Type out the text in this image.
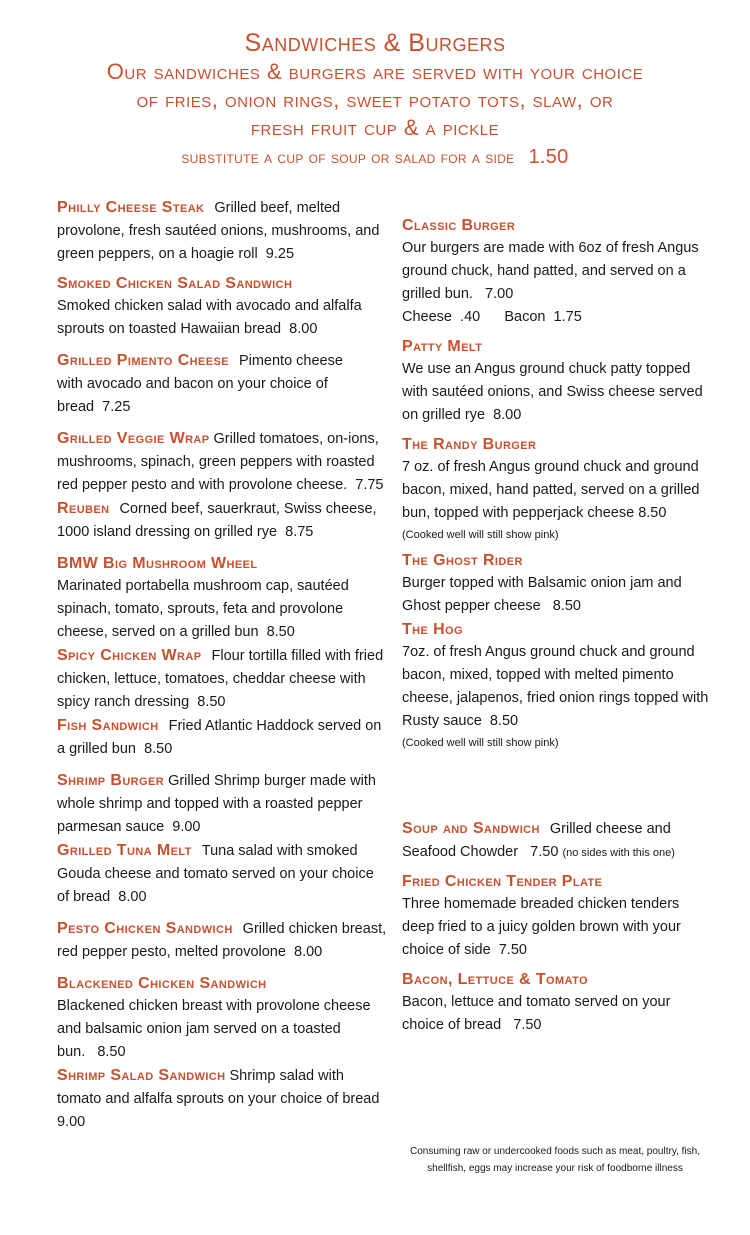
Sandwiches & Burgers
Our sandwiches & burgers are served with your choice
of fries, onion rings, sweet potato tots, slaw, or
fresh fruit cup & a pickle
substitute a cup of soup or salad for a side 1.50
Philly Cheese Steak Grilled beef, melted provolone, fresh sautéed onions, mushrooms, and green peppers, on a hoagie roll 9.25
Smoked Chicken Salad Sandwich
Smoked chicken salad with avocado and alfalfa sprouts on toasted Hawaiian bread 8.00
Grilled Pimento Cheese Pimento cheese with avocado and bacon on your choice of bread 7.25
Grilled Veggie Wrap Grilled tomatoes, on-ions, mushrooms, spinach, green peppers with roasted red pepper pesto and with provolone cheese. 7.75
Reuben Corned beef, sauerkraut, Swiss cheese, 1000 island dressing on grilled rye 8.75
BMW Big Mushroom Wheel
Marinated portabella mushroom cap, sautéed spinach, tomato, sprouts, feta and provolone cheese, served on a grilled bun 8.50
Spicy Chicken Wrap Flour tortilla filled with fried chicken, lettuce, tomatoes, cheddar cheese with spicy ranch dressing 8.50
Fish Sandwich Fried Atlantic Haddock served on a grilled bun 8.50
Shrimp Burger Grilled Shrimp burger made with whole shrimp and topped with a roasted pepper parmesan sauce 9.00
Grilled Tuna Melt Tuna salad with smoked Gouda cheese and tomato served on your choice of bread 8.00
Pesto Chicken Sandwich Grilled chicken breast, red pepper pesto, melted provolone 8.00
Blackened Chicken Sandwich
Blackened chicken breast with provolone cheese and balsamic onion jam served on a toasted bun. 8.50
Shrimp Salad Sandwich Shrimp salad with tomato and alfalfa sprouts on your choice of bread 9.00
Classic Burger
Our burgers are made with 6oz of fresh Angus ground chuck, hand patted, and served on a grilled bun. 7.00
Cheese  .40      Bacon  1.75
Patty Melt
We use an Angus ground chuck patty topped with sautéed onions, and Swiss cheese served on grilled rye 8.00
The Randy Burger
7 oz. of fresh Angus ground chuck and ground bacon, mixed, hand patted, served on a grilled bun, topped with pepperjack cheese 8.50
(Cooked well will still show pink)
The Ghost Rider
Burger topped with Balsamic onion jam and Ghost pepper cheese 8.50
The Hog
7oz. of fresh Angus ground chuck and ground bacon, mixed, topped with melted pimento cheese, jalapenos, fried onion rings topped with Rusty sauce 8.50
(Cooked well will still show pink)
Soup and Sandwich Grilled cheese and Seafood Chowder 7.50 (no sides with this one)
Fried Chicken Tender Plate
Three homemade breaded chicken tenders deep fried to a juicy golden brown with your choice of side 7.50
Bacon, Lettuce & Tomato
Bacon, lettuce and tomato served on your choice of bread 7.50
Consuming raw or undercooked foods such as meat, poultry, fish, shellfish, eggs may increase your risk of foodborne illness
